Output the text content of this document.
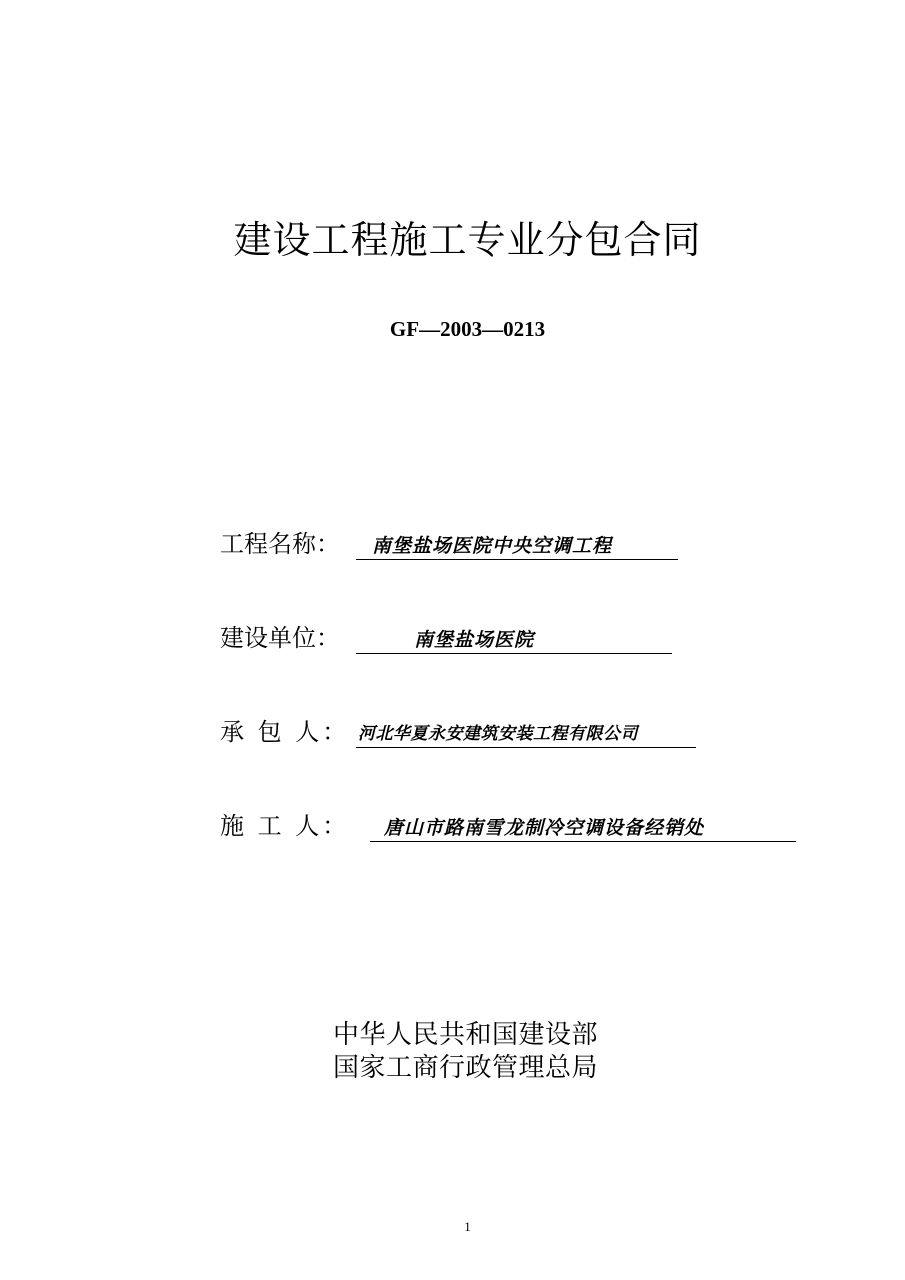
建设工程施工专业分包合同
GF—2003—0213
工程名称： 南堡盐场医院中央空调工程
建设单位：	南堡盐场医院
承 包 人： 河北华夏永安建筑安装工程有限公司
施 工 人： 唐山市路南雪龙制冷空调设备经销处
中华人民共和国建设部
国家工商行政管理总局
1
